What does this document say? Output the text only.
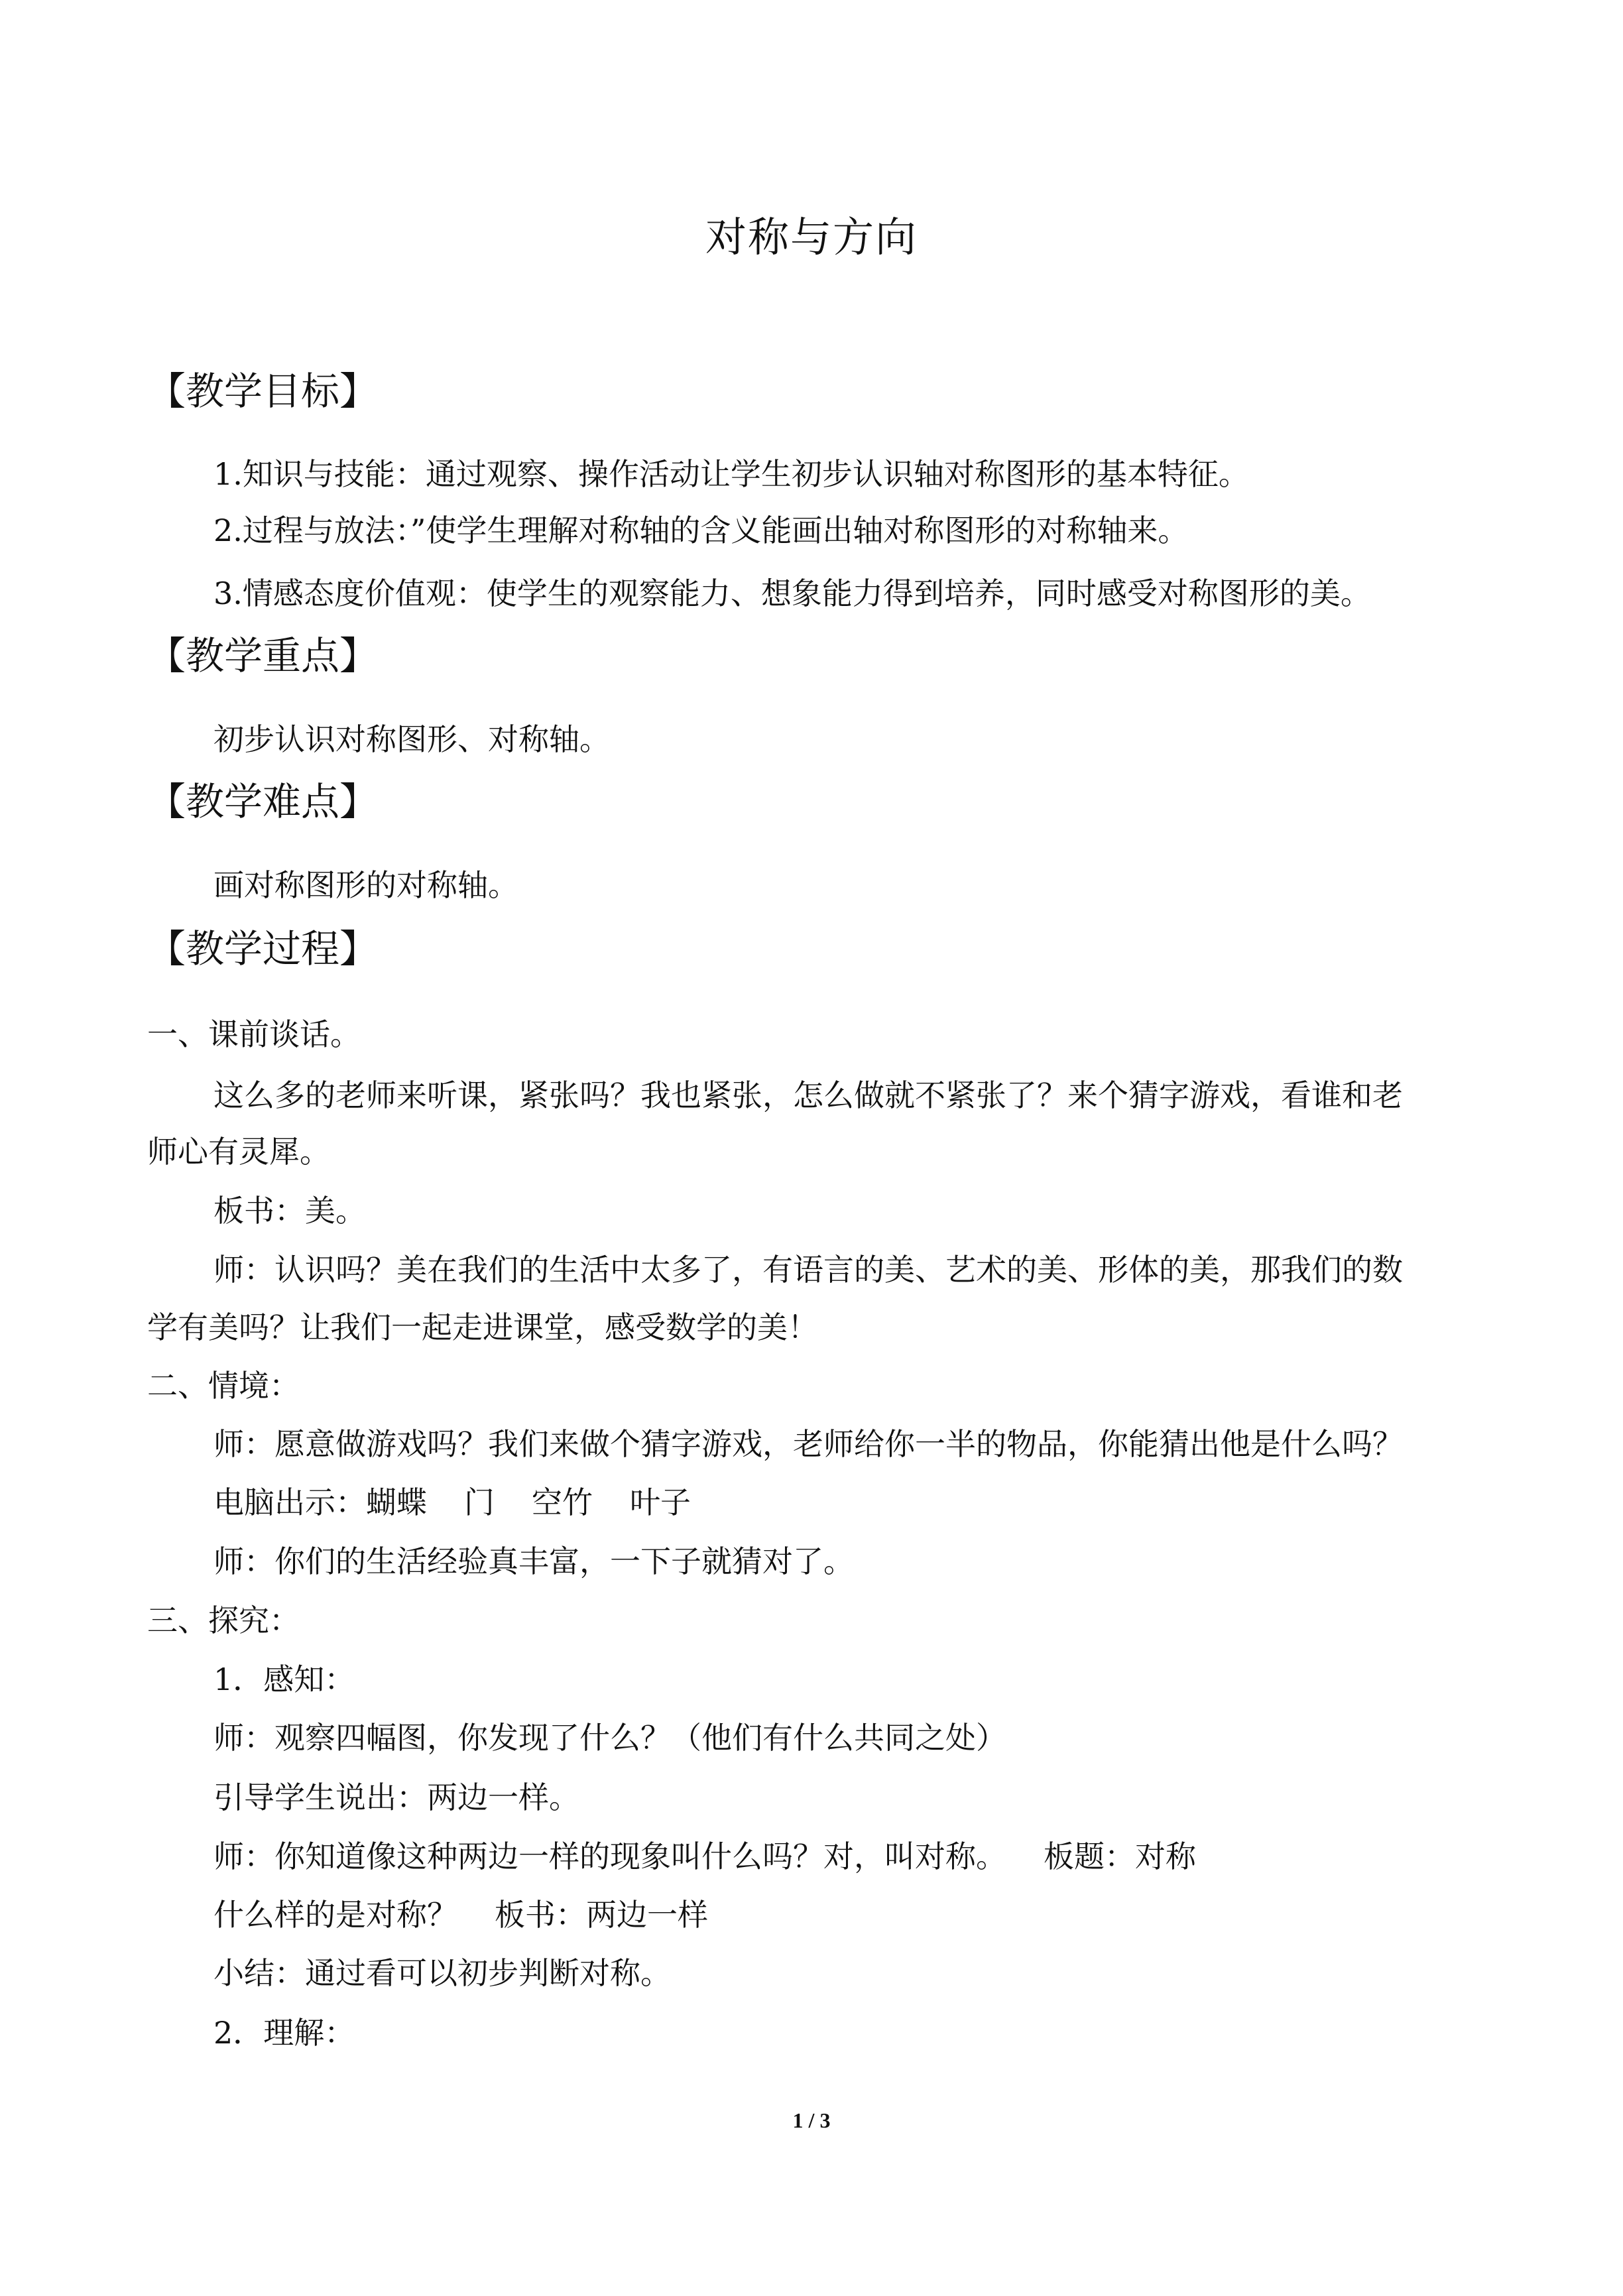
对称与方向
【教学目标】
1.知识与技能：通过观察、操作活动让学生初步认识轴对称图形的基本特征。
2.过程与放法：”使学生理解对称轴的含义能画出轴对称图形的对称轴来。
3.情感态度价值观：使学生的观察能力、想象能力得到培养，同时感受对称图形的美。
【教学重点】
初步认识对称图形、对称轴。
【教学难点】
画对称图形的对称轴。
【教学过程】
一、课前谈话。
这么多的老师来听课，紧张吗？我也紧张，怎么做就不紧张了？来个猜字游戏，看谁和老
师心有灵犀。
板书：美。
师：认识吗？美在我们的生活中太多了，有语言的美、艺术的美、形体的美，那我们的数
学有美吗？让我们一起走进课堂，感受数学的美！
二、情境：
师：愿意做游戏吗？我们来做个猜字游戏，老师给你一半的物品，你能猜出他是什么吗？
电脑出示：蝴蝶 门 空竹 叶子
师：你们的生活经验真丰富，一下子就猜对了。
三、探究：
1．感知：
师：观察四幅图，你发现了什么？（他们有什么共同之处）
引导学生说出：两边一样。
师：你知道像这种两边一样的现象叫什么吗？对，叫对称。 板题：对称
什么样的是对称？ 板书：两边一样
小结：通过看可以初步判断对称。
2．理解：
1 / 3
